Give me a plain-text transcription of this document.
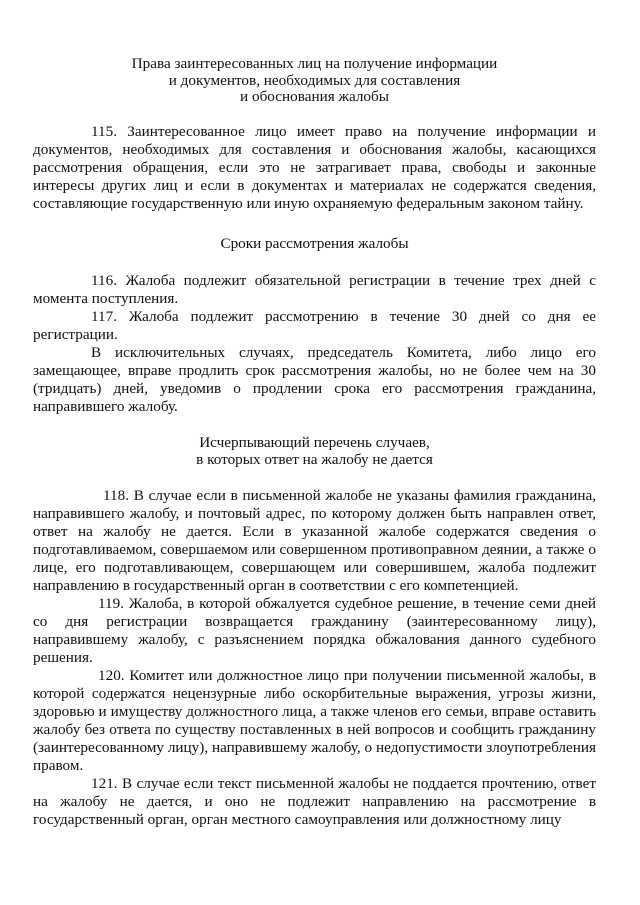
Права заинтересованных лиц на получение информации
и документов, необходимых для составления
и обоснования жалобы

115. Заинтересованное лицо имеет право на получение информации и документов, необходимых для составления и обоснования жалобы, касающихся рассмотрения обращения, если это не затрагивает права, свободы и законные интересы других лиц и если в документах и материалах не содержатся сведения, составляющие государственную или иную охраняемую федеральным законом тайну.

Сроки рассмотрения жалобы

116. Жалоба подлежит обязательной регистрации в течение трех дней с момента поступления.

117. Жалоба подлежит рассмотрению в течение 30 дней со дня ее регистрации.

В исключительных случаях, председатель Комитета, либо лицо его замещающее, вправе продлить срок рассмотрения жалобы, но не более чем на 30 (тридцать) дней, уведомив о продлении срока его рассмотрения гражданина, направившего жалобу.

Исчерпывающий перечень случаев,
в которых ответ на жалобу не дается

118. В случае если в письменной жалобе не указаны фамилия гражданина, направившего жалобу, и почтовый адрес, по которому должен быть направлен ответ, ответ на жалобу не дается. Если в указанной жалобе содержатся сведения о подготавливаемом, совершаемом или совершенном противоправном деянии, а также о лице, его подготавливающем, совершающем или совершившем, жалоба подлежит направлению в государственный орган в соответствии с его компетенцией.

119. Жалоба, в которой обжалуется судебное решение, в течение семи дней со дня регистрации возвращается гражданину (заинтересованному лицу), направившему жалобу, с разъяснением порядка обжалования данного судебного решения.

120. Комитет или должностное лицо при получении письменной жалобы, в которой содержатся нецензурные либо оскорбительные выражения, угрозы жизни, здоровью и имуществу должностного лица, а также членов его семьи, вправе оставить жалобу без ответа по существу поставленных в ней вопросов и сообщить гражданину (заинтересованному лицу), направившему жалобу, о недопустимости злоупотребления правом.

121. В случае если текст письменной жалобы не поддается прочтению, ответ на жалобу не дается, и оно не подлежит направлению на рассмотрение в государственный орган, орган местного самоуправления или должностному лицу
